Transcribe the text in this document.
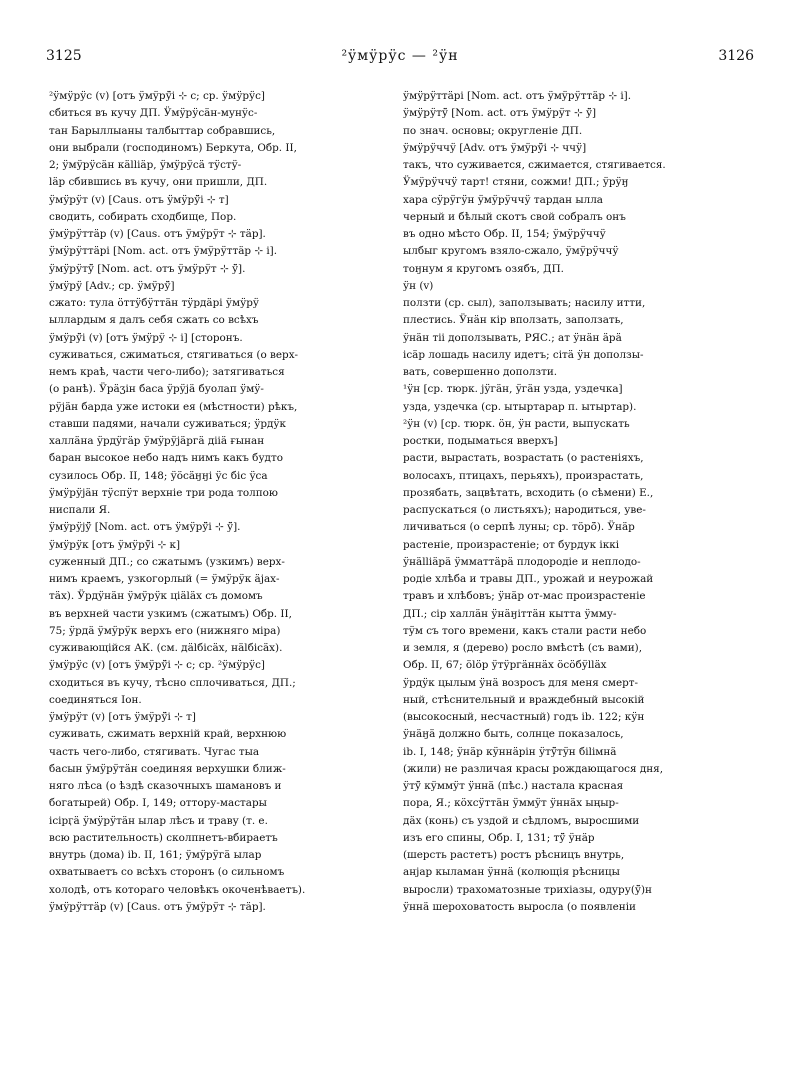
3125	²ӱмӱрӱс — ²ӱн	3126
²ӱмӱрӱс (v) [отъ ӱмӱрӱ̄i ⊹ с; ср. ӱмӱрӱс]
сбиться въ кучу ДП. Ӱмӱрӱсӓн-мунӱс-
тан Барыллыаны талбыттар собравшись,
они выбрали (господиномъ) Беркута, Обр. II,
2; ӱмӱрӱсӓн кӓlliӓр, ӱмӱрӱсӓ тӱстӱ-
lӓр сбившись въ кучу, они пришли, ДП.
ӱмӱрӱт (v) [Caus. отъ ӱмӱрӱ̄i ⊹ т]
сводить, собирать сходбище, Пор.
ӱмӱрӱттӓр (v) [Caus. отъ ӱмӱрӱт ⊹ тӓр].
ӱмӱрӱттӓрi [Nom. act. отъ ӱмӱрӱттӓр ⊹ i].
ӱмӱрӱтӱ̄ [Nom. act. отъ ӱмӱрӱт ⊹ ӱ̄].
ӱмӱрӱ [Adv.; ср. ӱмӱрӱ̄]
сжато: тула ӧттӱбӱттӓн тӱрдӓрi ӱмӱрӱ
ыллардым я далъ себя сжать со всѣхъ
ӱмӱрӱ̄i (v) [отъ ӱмӱрӱ ⊹ i] [сторонъ.
суживаться, сжиматься, стягиваться (о верх-
немъ краѣ, части чего-либо); затягиваться
(о ранѣ). Ӱрӓӡiн баса ӱрӱjӓ буолап ӱмӱ-
рӱjӓн барда уже истоки ея (мѣстности) рѣкъ,
ставши падями, начали суживаться; ӱрдӱк
халлӓна ӱрдӱгӓр ӱмӱрӱjӓргӓ дiiӓ ғынан
баран высокое небо надъ нимъ какъ будто
сузилось Обр. II, 148; ӱӧсӓӈӈi ӱс бiс ӱса
ӱмӱрӱjӓн тӱспӱт верхнiе три рода толпою
ниспали Я.
ӱмӱрӱjӱ̄ [Nom. act. отъ ӱмӱрӱ̄i ⊹ ӱ̄].
ӱмӱрӱк [отъ ӱмӱрӱ̄i ⊹ к]
суженный ДП.; со сжатымъ (узкимъ) верх-
нимъ краемъ, узкогорлый (= ӱмӱрӱк ӓjах-
тӓх). Ӱрдӱнӓн ӱмӱрӱк цiӓlӓх съ домомъ
въ верхней части узкимъ (сжатымъ) Обр. II,
75; ӱрдӓ ӱмӱрӱк верхъ его (нижняго мiра)
суживающiйся АК. (см. дӓlбiсӓх, нӓlбiсӓх).
ӱмӱрӱс (v) [отъ ӱмӱрӱ̄i ⊹ с; ср. ²ӱмӱрӱс]
сходиться въ кучу, тѣсно сплочиваться, ДП.;
соединяться Іон.
ӱмӱрӱт (v) [отъ ӱмӱрӱ̄i ⊹ т]
суживать, сжимать верхнiй край, верхнюю
часть чего-либо, стягивать. Чугас тыа
басын ӱмӱрӱтӓн соединяя верхушки ближ-
няго лѣса (о ѣздѣ сказочныхъ шамановъ и
богатырей) Обр. I, 149; оттору-мастары
iсiрӷӓ ӱмӱрӱтӓн ылар лѣсъ и траву (т. е.
всю растительность) сколпнетъ-вбираетъ
внутрь (дома) ib. II, 161; ӱмӱрӱгӓ ылар
охватываетъ со всѣхъ сторонъ (о сильномъ
холодѣ, отъ котораго человѣкъ окоченѣваетъ).
ӱмӱрӱттӓр (v) [Caus. отъ ӱмӱрӱт ⊹ тӓр].
ӱмӱрӱттӓрi [Nom. act. отъ ӱмӱрӱттӓр ⊹ i].
ӱмӱрӱтӱ̄ [Nom. act. отъ ӱмӱрӱт ⊹ ӱ̄]
по знач. основы; округленiе ДП.
ӱмӱрӱччӱ [Adv. отъ ӱмӱрӱ̄i ⊹ ччӱ]
такъ, что суживается, сжимается, стягивается.
Ӱмӱрӱччӱ тарт! стяни, сожми! ДП.; ӱрӱӈ
хара сӱрӱгӱн ӱмӱрӱччӱ тардан ылла
черный и бѣлый скотъ свой собралъ онъ
въ одно мѣсто Обр. II, 154; ӱмӱрӱччӱ
ылбыг кругомъ взяло-сжало, ӱмӱрӱччӱ
тоӈнум я кругомъ озябъ, ДП.
ӱн (v)
ползти (ср. сыл), заползывать; насилу итти,
плестись. Ӱнӓн кiр вползать, заползать,
ӱнӓн тii доползывать, РЯС.; ат ӱнӓн ӓрӓ
iсӓр лошадь насилу идетъ; сiтӓ ӱн доползы-
вать, совершенно доползти.
¹ӱн [ср. тюрк. jӱгӓн, ӱгӓн узда, уздечка]
узда, уздечка (ср. ытыртарар п. ытыртар).
²ӱн (v) [ср. тюрк. ӧн, ӱн расти, выпускать
ростки, подыматься вверхъ]
расти, вырастать, возрастать (о растенiяхъ,
волосахъ, птицахъ, перьяхъ), произрастать,
прозябать, зацвѣтать, всходить (о сѣмени) Е.,
распускаться (о листьяхъ); народиться, уве-
личиваться (о серпѣ луны; ср. тӧрӧ̄). Ӱнӓр
растенiе, произрастенiе; от бурдук iккi
ӱнӓlliӓрӓ ӱмматтӓрӓ плодородiе и неплодо-
родiе хлѣба и травы ДП., урожай и неурожай
травъ и хлѣбовъ; ӱнӓр от-мас произрастенiе
ДП.; сiр халлӓн ӱнӓӈiттӓн кытта ӱмму-
тӱм съ того времени, какъ стали расти небо
и земля, я (дерево) росло вмѣстѣ (съ вами),
Обр. II, 67; ӧlӧр ӱтӱргӓннӓх ӧсӧбӱllӓх
ӱрдӱк цылым ӱнӓ возросъ для меня смерт-
ный, стѣснительный и враждебный высокiй
(высокосный, несчастный) годъ ib. 122; кӱн
ӱнӓӈӓ должно быть, солнце показалось,
ib. I, 148; ӱнӓр кӱннӓрiн ӱтӱ̄тӱн бiliмнӓ
(жили) не различая красы рождающагося дня,
ӱтӱ̄ кӱммӱт ӱннӓ (пѣс.) настала красная
пора, Я.; кӧхсӱттӓн ӱммӱт ӱннӓх ыңыр-
дӓх (конь) съ уздой и сѣдломъ, выросшими
изъ его спины, Обр. I, 131; тӱ̄ ӱнӓр
(шерсть растетъ) ростъ рѣсницъ внутрь,
анjар кыламан ӱннӓ (колющiя рѣсницы
выросли) трахоматозные трихiазы, одуру(ӱ̄)н
ӱннӓ шероховатость выросла (о появленiи
